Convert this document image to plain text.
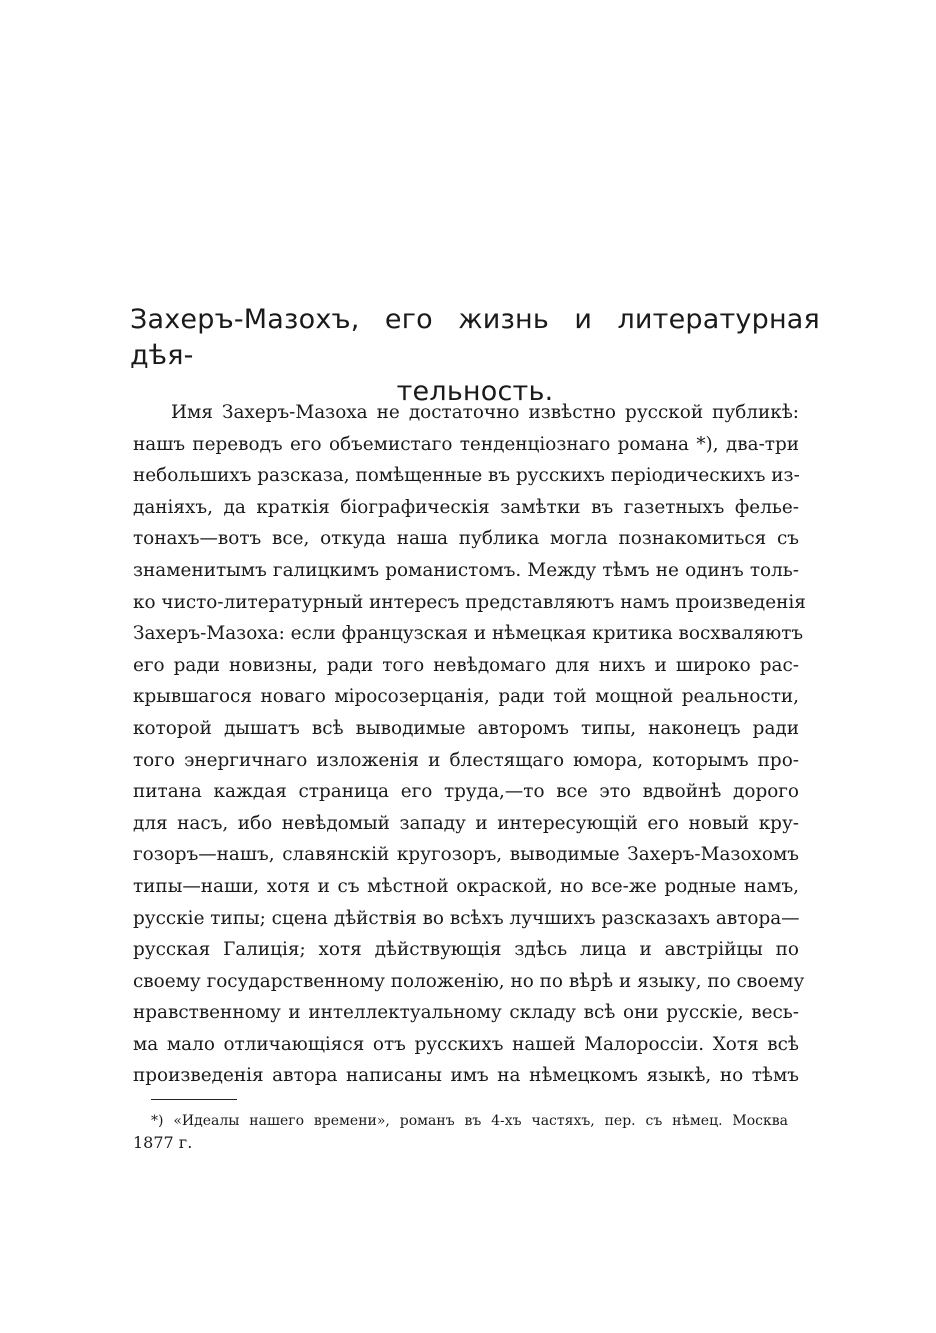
Захеръ-Мазохъ, его жизнь и литературная дѣя-
тельность.
Имя Захеръ-Мазоха не достаточно извѣстно русской публикѣ:
нашъ переводъ его объемистаго тенденціознаго романа *), два-три
небольшихъ разсказа, помѣщенные въ русскихъ періодическихъ из-
даніяхъ, да краткія біографическія замѣтки въ газетныхъ фелье-
тонахъ—вотъ все, откуда наша публика могла познакомиться съ
знаменитымъ галицкимъ романистомъ. Между тѣмъ не одинъ толь-
ко чисто-литературный интересъ представляютъ намъ произведенія
Захеръ-Мазоха: если французская и нѣмецкая критика восхваляютъ
его ради новизны, ради того невѣдомаго для нихъ и широко рас-
крывшагося новаго міросозерцанія, ради той мощной реальности,
которой дышатъ всѣ выводимые авторомъ типы, наконецъ ради
того энергичнаго изложенія и блестящаго юмора, которымъ про-
питана каждая страница его труда,—то все это вдвойнѣ дорого
для насъ, ибо невѣдомый западу и интересующій его новый кру-
гозоръ—нашъ, славянскій кругозоръ, выводимые Захеръ-Мазохомъ
типы—наши, хотя и съ мѣстной окраской, но все-же родные намъ,
русскіе типы; сцена дѣйствія во всѣхъ лучшихъ разсказахъ автора—
русская Галиція; хотя дѣйствующія здѣсь лица и австрійцы по
своему государственному положенію, но по вѣрѣ и языку, по своему
нравственному и интеллектуальному складу всѣ они русскіе, весь-
ма мало отличающіяся отъ русскихъ нашей Малороссіи. Хотя всѣ
произведенія автора написаны имъ на нѣмецкомъ языкѣ, но тѣмъ
*) «Идеалы нашего времени», романъ въ 4-хъ частяхъ, пер. съ нѣмец. Москва
1877 г.
